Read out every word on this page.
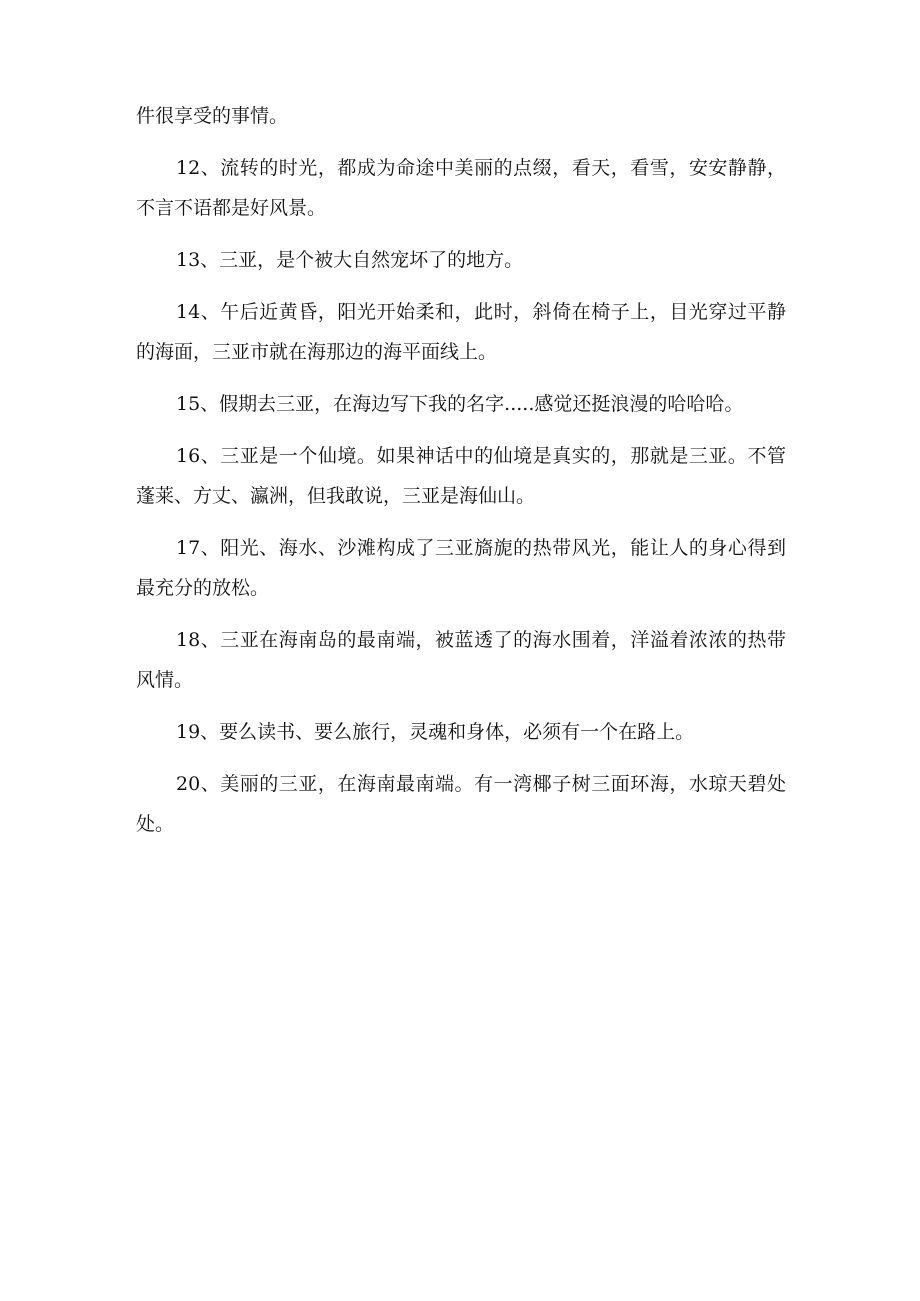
件很享受的事情。

12、流转的时光，都成为命途中美丽的点缀，看天，看雪，安安静静，不言不语都是好风景。

13、三亚，是个被大自然宠坏了的地方。

14、午后近黄昏，阳光开始柔和，此时，斜倚在椅子上，目光穿过平静的海面，三亚市就在海那边的海平面线上。

15、假期去三亚，在海边写下我的名字.....感觉还挺浪漫的哈哈哈。

16、三亚是一个仙境。如果神话中的仙境是真实的，那就是三亚。不管蓬莱、方丈、瀛洲，但我敢说，三亚是海仙山。

17、阳光、海水、沙滩构成了三亚旖旎的热带风光，能让人的身心得到最充分的放松。

18、三亚在海南岛的最南端，被蓝透了的海水围着，洋溢着浓浓的热带风情。

19、要么读书、要么旅行，灵魂和身体，必须有一个在路上。

20、美丽的三亚，在海南最南端。有一湾椰子树三面环海，水琼天碧处处。
